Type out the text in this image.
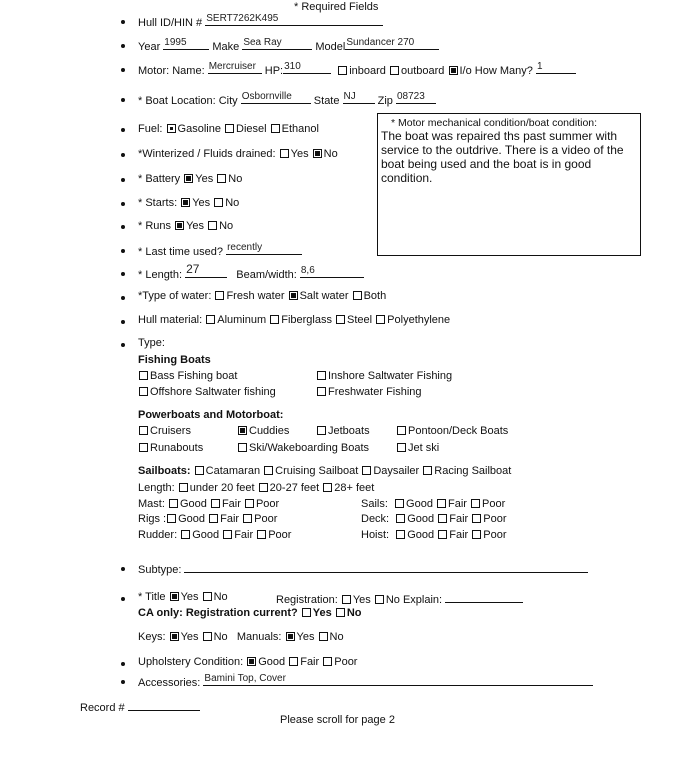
* Required Fields
Hull ID/HIN # SERT7262K495
Year 1995 Make Sea Ray	Model Sundancer 270
Motor: Name: Mercruiser HP: 310	inboard outboard I/o How Many? 1
* Boat Location: City Osbornville State NJ Zip 08723
Fuel: Gasoline Diesel Ethanol
*Winterized / Fluids drained: Yes No
* Battery Yes No
* Starts: Yes No
* Runs Yes No
* Last time used? recently
* Length: 27	Beam/width: 8,6
*Type of water: Fresh water Salt water Both
Hull material: Aluminum Fiberglass Steel Polyethylene
* Motor mechanical condition/boat condition:
The boat was repaired ths past summer with service to the outdrive. There is a video of the boat being used and the boat is in good condition.
Type:
Fishing Boats
Bass Fishing boat	Inshore Saltwater Fishing
Offshore Saltwater fishing	Freshwater Fishing
Powerboats and Motorboat:
Cruisers	Cuddies	Jetboats	Pontoon/Deck Boats
Runabouts	Ski/Wakeboarding Boats	Jet ski
Sailboats: Catamaran Cruising Sailboat Daysailer Racing Sailboat
Length: under 20 feet 20-27 feet 28+ feet
Mast: Good Fair Poor	Sails: Good Fair Poor
Rigs : Good Fair Poor	Deck: Good Fair Poor
Rudder: Good Fair Poor	Hoist: Good Fair Poor
Subtype:
* Title Yes No	Registration: Yes No Explain:
CA only: Registration current? Yes No
Keys: Yes No Manuals: Yes No
Upholstery Condition: Good Fair Poor
Accessories: Bamini Top, Cover
Record #
Please scroll for page 2
